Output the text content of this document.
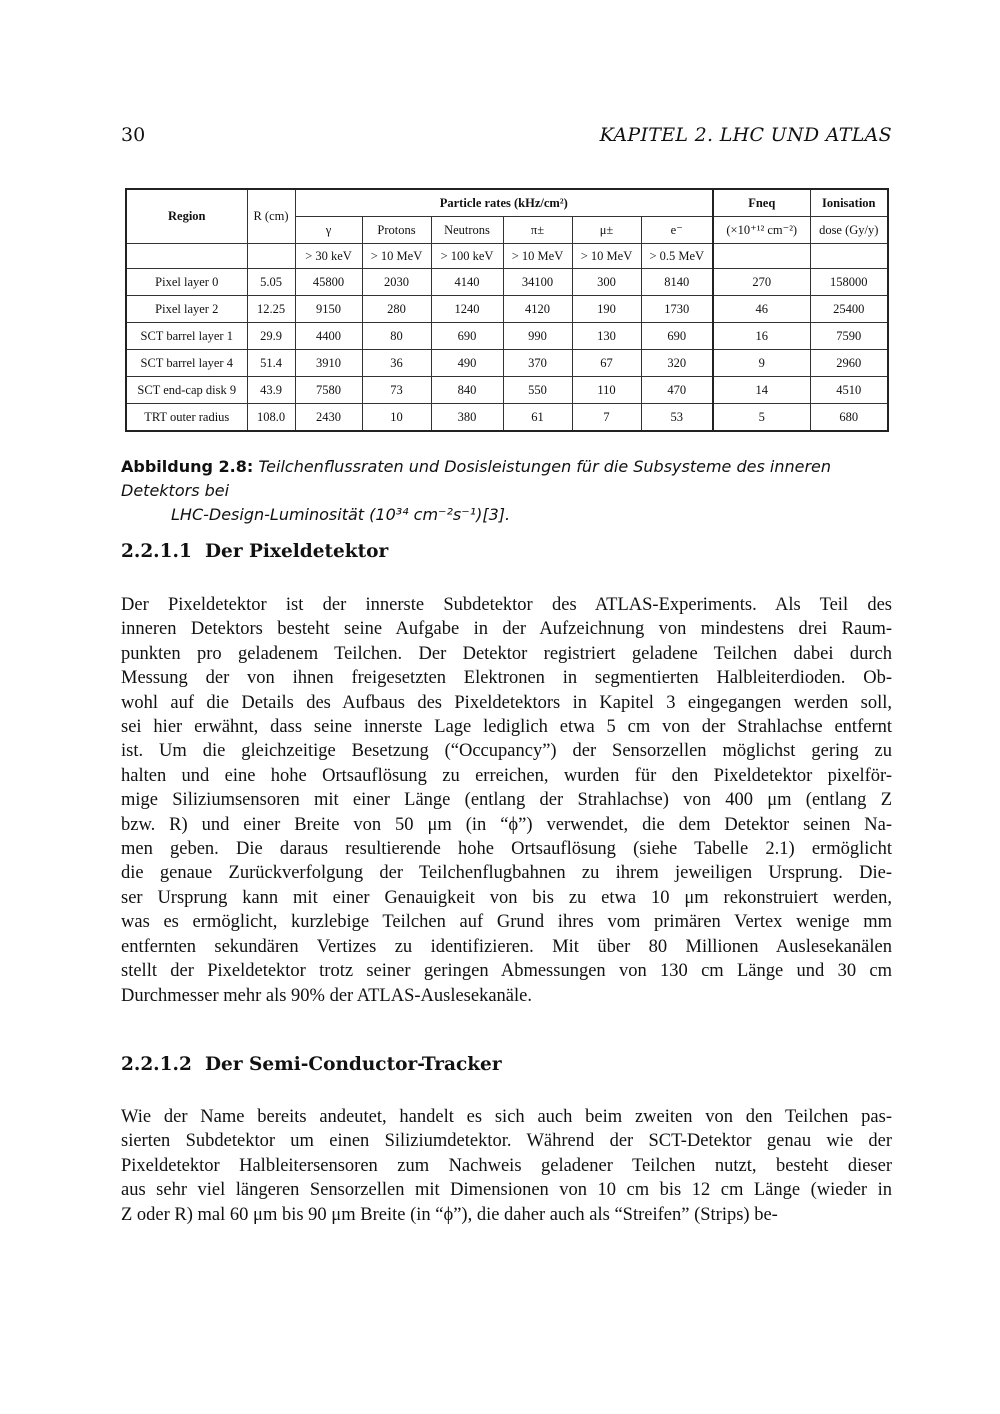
30	KAPITEL 2. LHC UND ATLAS
Region	R (cm)	Particle rates (kHz/cm²)						Fneq	Ionisation
		γ	Protons	Neutrons	π±	μ±	e⁻	(×10⁺¹² cm⁻²)	dose (Gy/y)
		> 30 keV	> 10 MeV	> 100 keV	> 10 MeV	> 10 MeV	> 0.5 MeV		
Pixel layer 0	5.05	45800	2030	4140	34100	300	8140	270	158000
Pixel layer 2	12.25	9150	280	1240	4120	190	1730	46	25400
SCT barrel layer 1	29.9	4400	80	690	990	130	690	16	7590
SCT barrel layer 4	51.4	3910	36	490	370	67	320	9	2960
SCT end-cap disk 9	43.9	7580	73	840	550	110	470	14	4510
TRT outer radius	108.0	2430	10	380	61	7	53	5	680
Abbildung 2.8: Teilchenflussraten und Dosisleistungen für die Subsysteme des inneren Detektors bei
LHC-Design-Luminosität (10³⁴ cm⁻²s⁻¹)[3].
2.2.1.1 Der Pixeldetektor
Der Pixeldetektor ist der innerste Subdetektor des ATLAS-Experiments. Als Teil des
inneren Detektors besteht seine Aufgabe in der Aufzeichnung von mindestens drei Raum-
punkten pro geladenem Teilchen. Der Detektor registriert geladene Teilchen dabei durch
Messung der von ihnen freigesetzten Elektronen in segmentierten Halbleiterdioden. Ob-
wohl auf die Details des Aufbaus des Pixeldetektors in Kapitel 3 eingegangen werden soll,
sei hier erwähnt, dass seine innerste Lage lediglich etwa 5 cm von der Strahlachse entfernt
ist. Um die gleichzeitige Besetzung (“Occupancy”) der Sensorzellen möglichst gering zu
halten und eine hohe Ortsauflösung zu erreichen, wurden für den Pixeldetektor pixelför-
mige Siliziumsensoren mit einer Länge (entlang der Strahlachse) von 400 μm (entlang Z
bzw. R) und einer Breite von 50 μm (in “ϕ”) verwendet, die dem Detektor seinen Na-
men geben. Die daraus resultierende hohe Ortsauflösung (siehe Tabelle 2.1) ermöglicht
die genaue Zurückverfolgung der Teilchenflugbahnen zu ihrem jeweiligen Ursprung. Die-
ser Ursprung kann mit einer Genauigkeit von bis zu etwa 10 μm rekonstruiert werden,
was es ermöglicht, kurzlebige Teilchen auf Grund ihres vom primären Vertex wenige mm
entfernten sekundären Vertizes zu identifizieren. Mit über 80 Millionen Auslesekanälen
stellt der Pixeldetektor trotz seiner geringen Abmessungen von 130 cm Länge und 30 cm
Durchmesser mehr als 90% der ATLAS-Auslesekanäle.
2.2.1.2 Der Semi-Conductor-Tracker
Wie der Name bereits andeutet, handelt es sich auch beim zweiten von den Teilchen pas-
sierten Subdetektor um einen Siliziumdetektor. Während der SCT-Detektor genau wie der
Pixeldetektor Halbleitersensoren zum Nachweis geladener Teilchen nutzt, besteht dieser
aus sehr viel längeren Sensorzellen mit Dimensionen von 10 cm bis 12 cm Länge (wieder in
Z oder R) mal 60 μm bis 90 μm Breite (in “ϕ”), die daher auch als “Streifen” (Strips) be-
